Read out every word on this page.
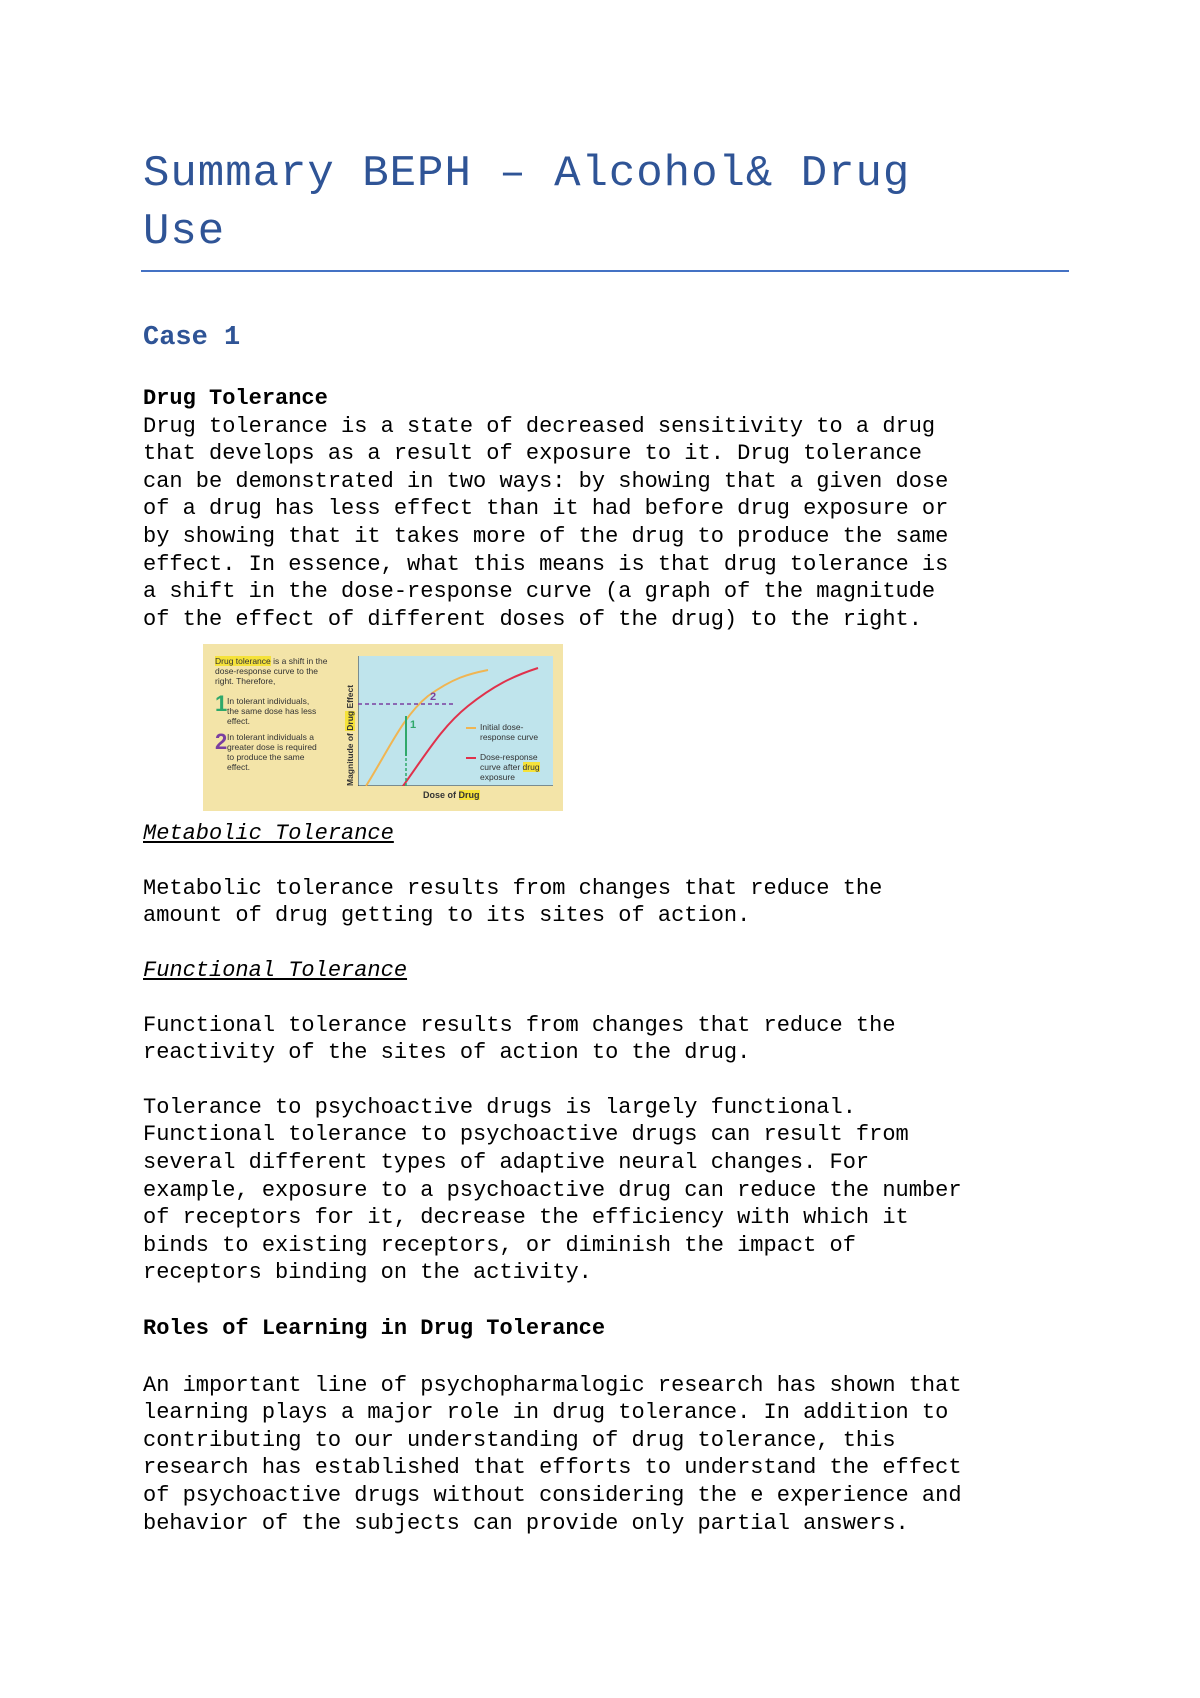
Summary BEPH – Alcohol& Drug
Use
Case 1

Drug Tolerance

Drug tolerance is a state of decreased sensitivity to a drug
that develops as a result of exposure to it. Drug tolerance
can be demonstrated in two ways: by showing that a given dose
of a drug has less effect than it had before drug exposure or
by showing that it takes more of the drug to produce the same
effect. In essence, what this means is that drug tolerance is
a shift in the dose-response curve (a graph of the magnitude
of the effect of different doses of the drug) to the right.

Drug tolerance is a shift in the dose-response curve to the right. Therefore,
1 In tolerant individuals, the same dose has less effect.
2 In tolerant individuals a greater dose is required to produce the same effect.	Magnitude of Drug Effect
1
2
Initial dose-response curve
Dose-response curve after drug exposure
Dose of Drug

Metabolic Tolerance

Metabolic tolerance results from changes that reduce the
amount of drug getting to its sites of action.

Functional Tolerance

Functional tolerance results from changes that reduce the
reactivity of the sites of action to the drug.

Tolerance to psychoactive drugs is largely functional.
Functional tolerance to psychoactive drugs can result from
several different types of adaptive neural changes. For
example, exposure to a psychoactive drug can reduce the number
of receptors for it, decrease the efficiency with which it
binds to existing receptors, or diminish the impact of
receptors binding on the activity.

Roles of Learning in Drug Tolerance

An important line of psychopharmalogic research has shown that
learning plays a major role in drug tolerance. In addition to
contributing to our understanding of drug tolerance, this
research has established that efforts to understand the effect
of psychoactive drugs without considering the e experience and
behavior of the subjects can provide only partial answers.
